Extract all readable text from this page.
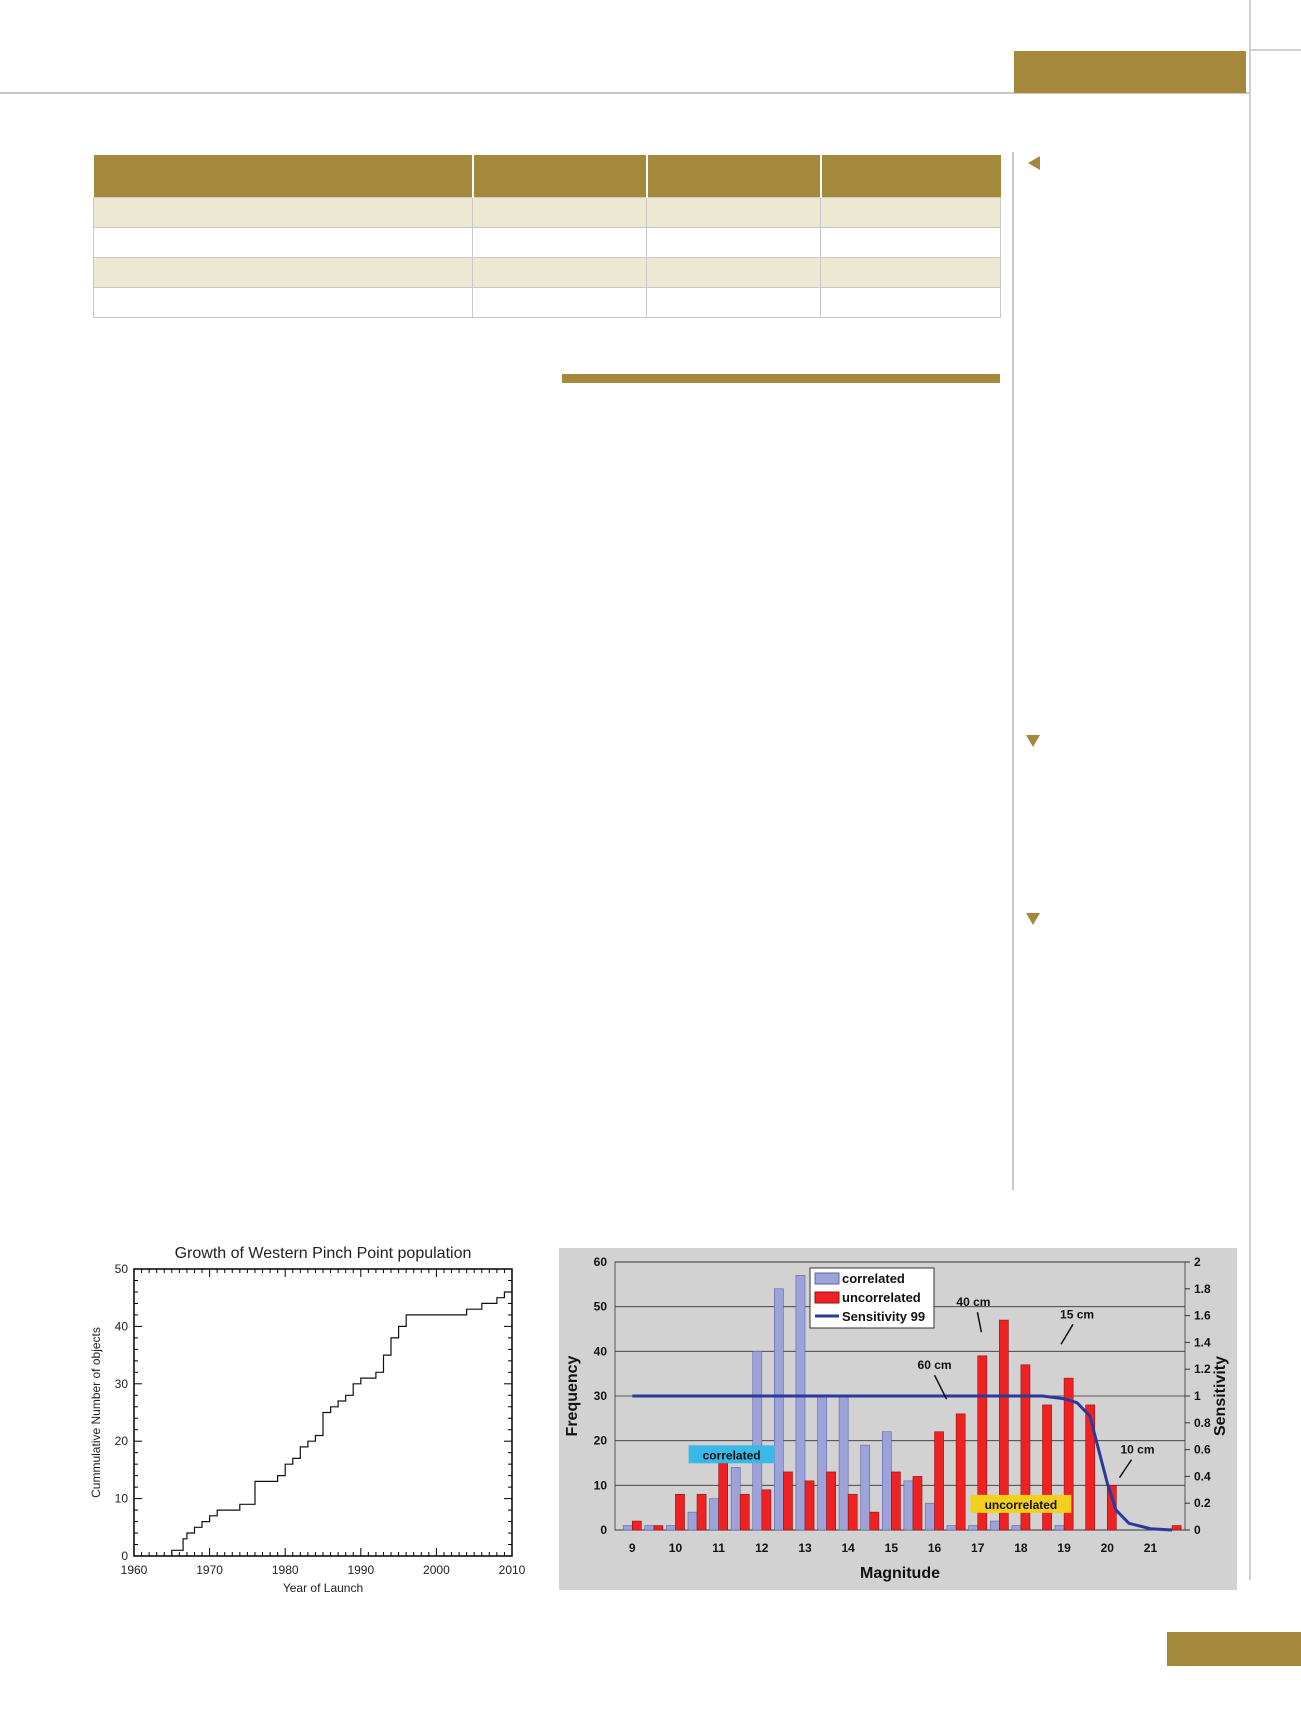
Growth of Western Pinch Point population
1960	1970	1980	1990	2000	2010
0
10
20
30
40
50
Year of Launch
Cummulative Number of objects
0
10
20
30
40
50
60
0
0.2
0.4
0.6
0.8
1
1.2
1.4
1.6
1.8
2
9	10	11	12 13 14 15 16 17 18 19 20 21
Magnitude
Frequency	Sensitivity
60 cm
40 cm
15 cm
10 cm
correlated
uncorrelated
correlated
uncorrelated
Sensitivity 99
